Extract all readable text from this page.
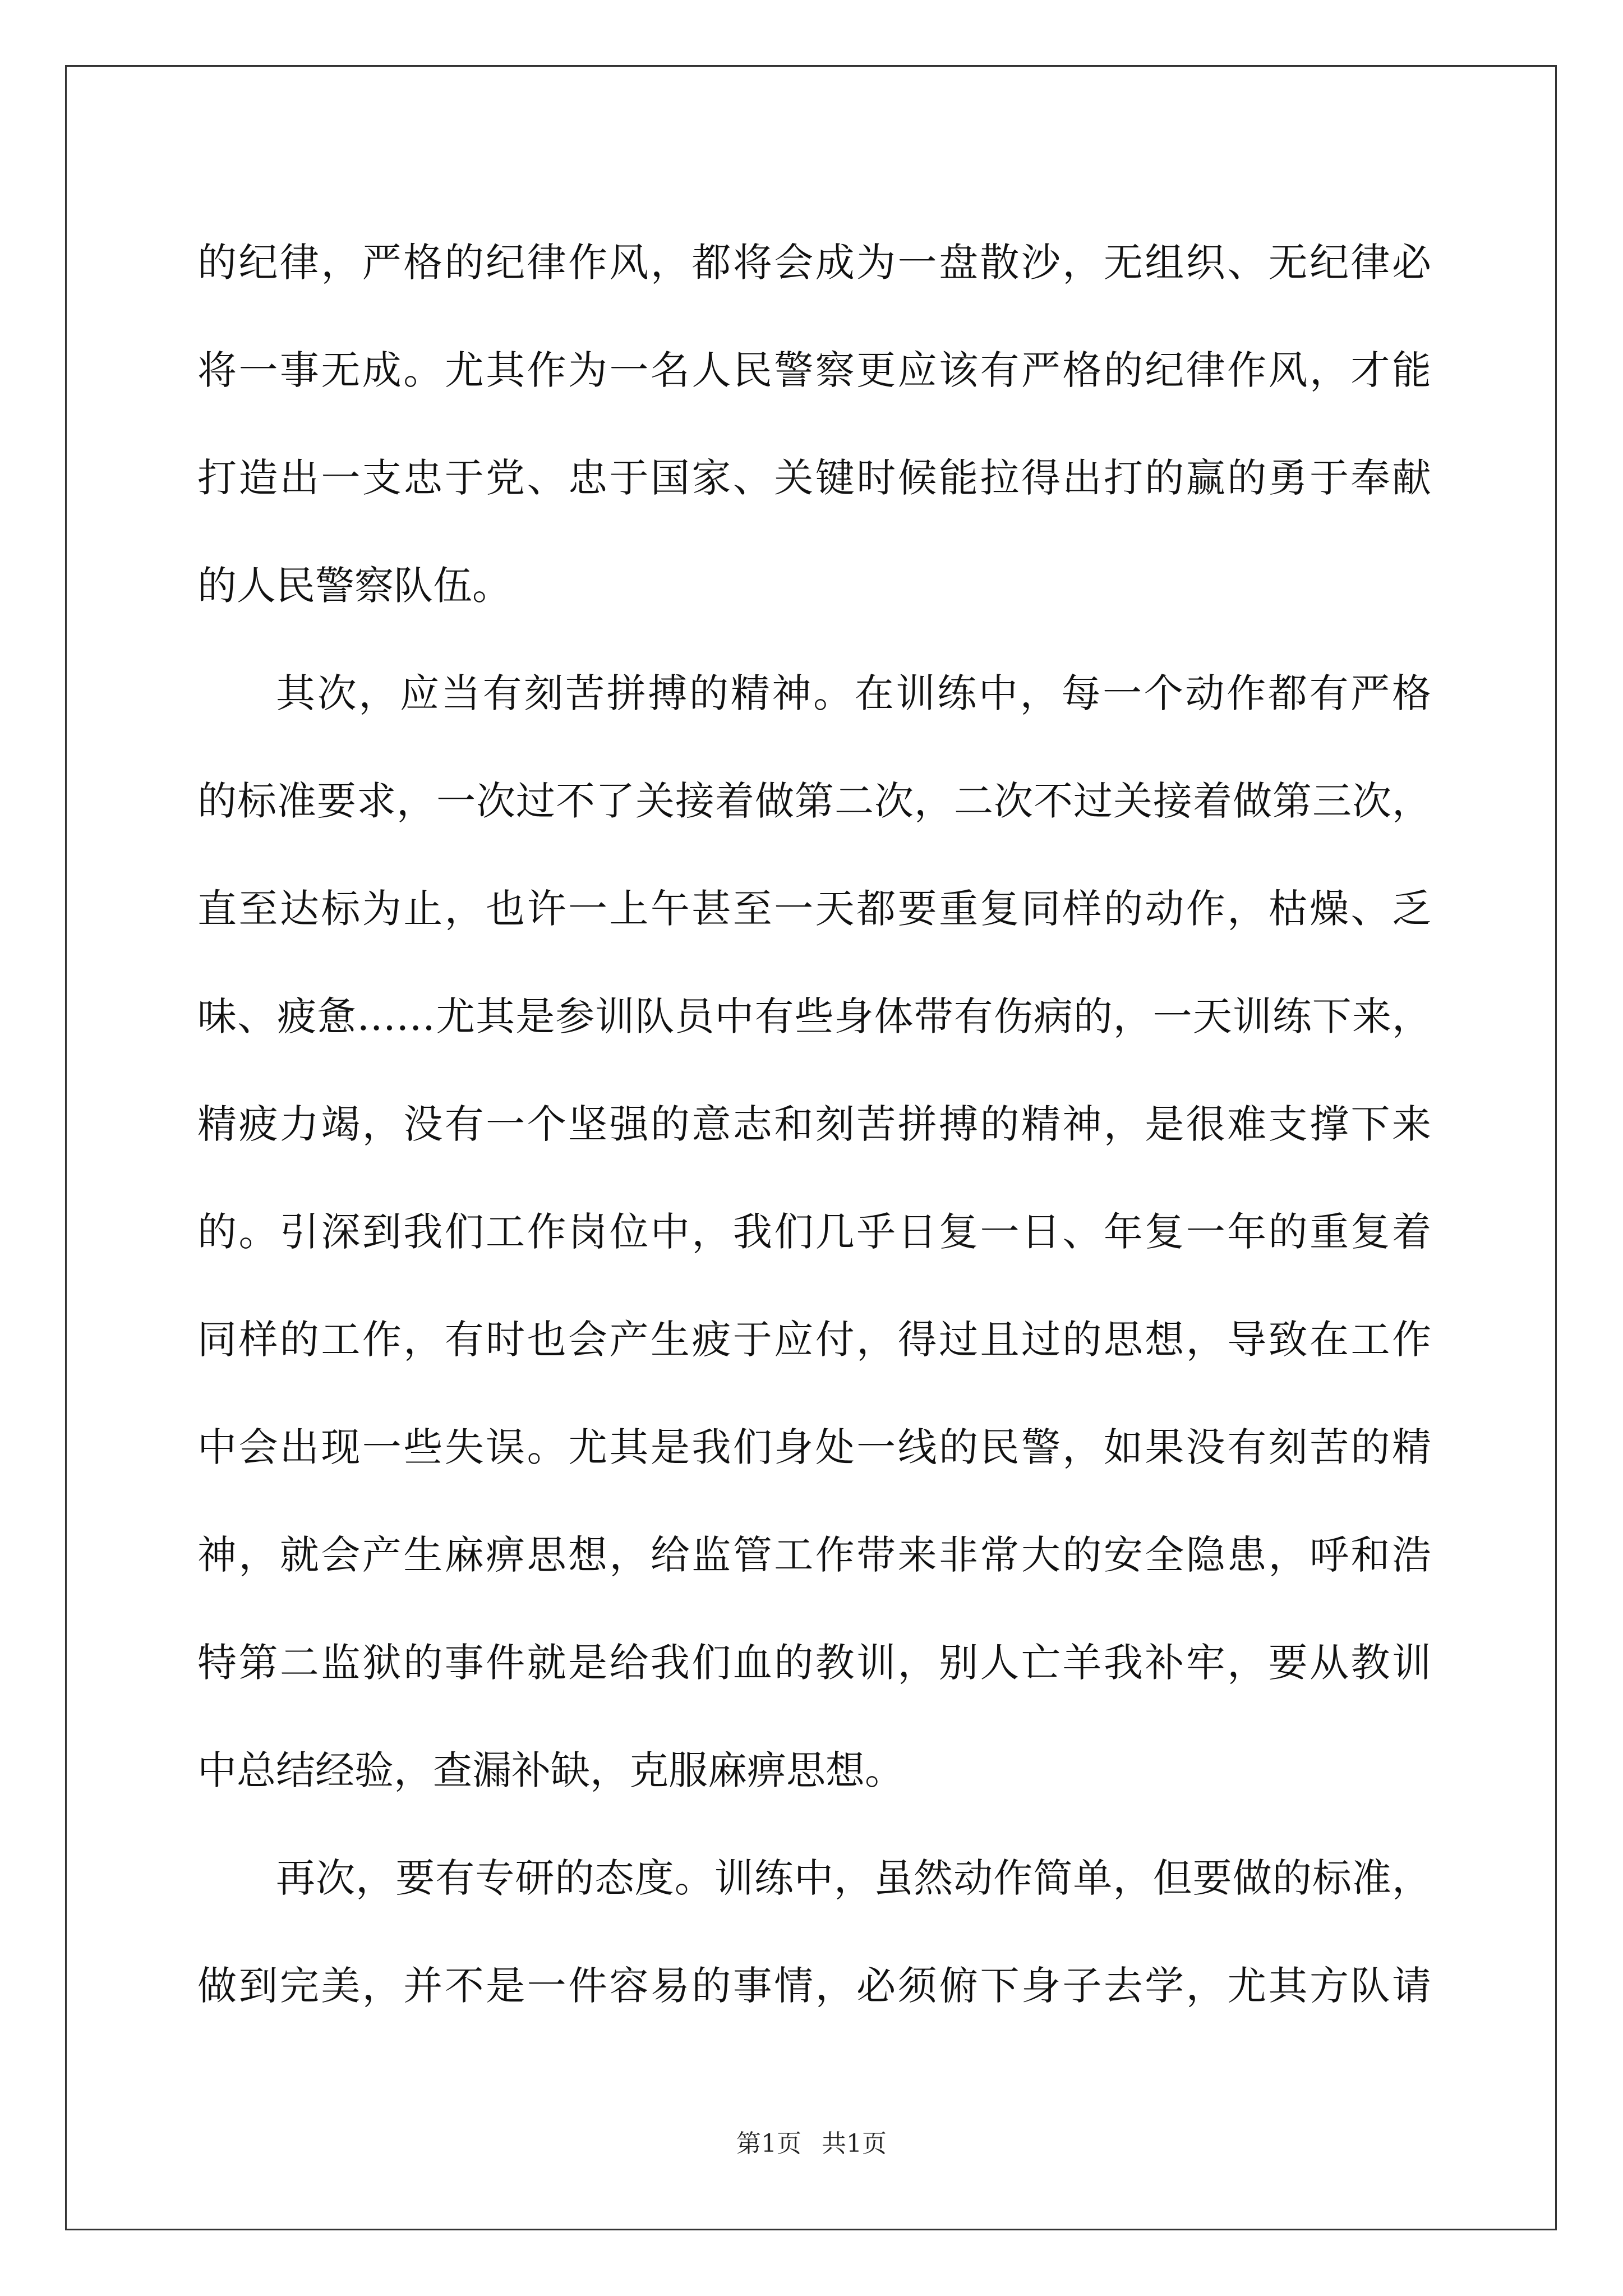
的纪律，严格的纪律作风，都将会成为一盘散沙，无组织、无纪律必
将一事无成。尤其作为一名人民警察更应该有严格的纪律作风，才能
打造出一支忠于党、忠于国家、关键时候能拉得出打的赢的勇于奉献
的人民警察队伍。
其次，应当有刻苦拼搏的精神。在训练中，每一个动作都有严格
的标准要求，一次过不了关接着做第二次，二次不过关接着做第三次，
直至达标为止，也许一上午甚至一天都要重复同样的动作，枯燥、乏
味、疲惫……尤其是参训队员中有些身体带有伤病的，一天训练下来，
精疲力竭，没有一个坚强的意志和刻苦拼搏的精神，是很难支撑下来
的。引深到我们工作岗位中，我们几乎日复一日、年复一年的重复着
同样的工作，有时也会产生疲于应付，得过且过的思想，导致在工作
中会出现一些失误。尤其是我们身处一线的民警，如果没有刻苦的精
神，就会产生麻痹思想，给监管工作带来非常大的安全隐患，呼和浩
特第二监狱的事件就是给我们血的教训，别人亡羊我补牢，要从教训
中总结经验，查漏补缺，克服麻痹思想。
再次，要有专研的态度。训练中，虽然动作简单，但要做的标准，
做到完美，并不是一件容易的事情，必须俯下身子去学，尤其方队请
第1页 共1页
